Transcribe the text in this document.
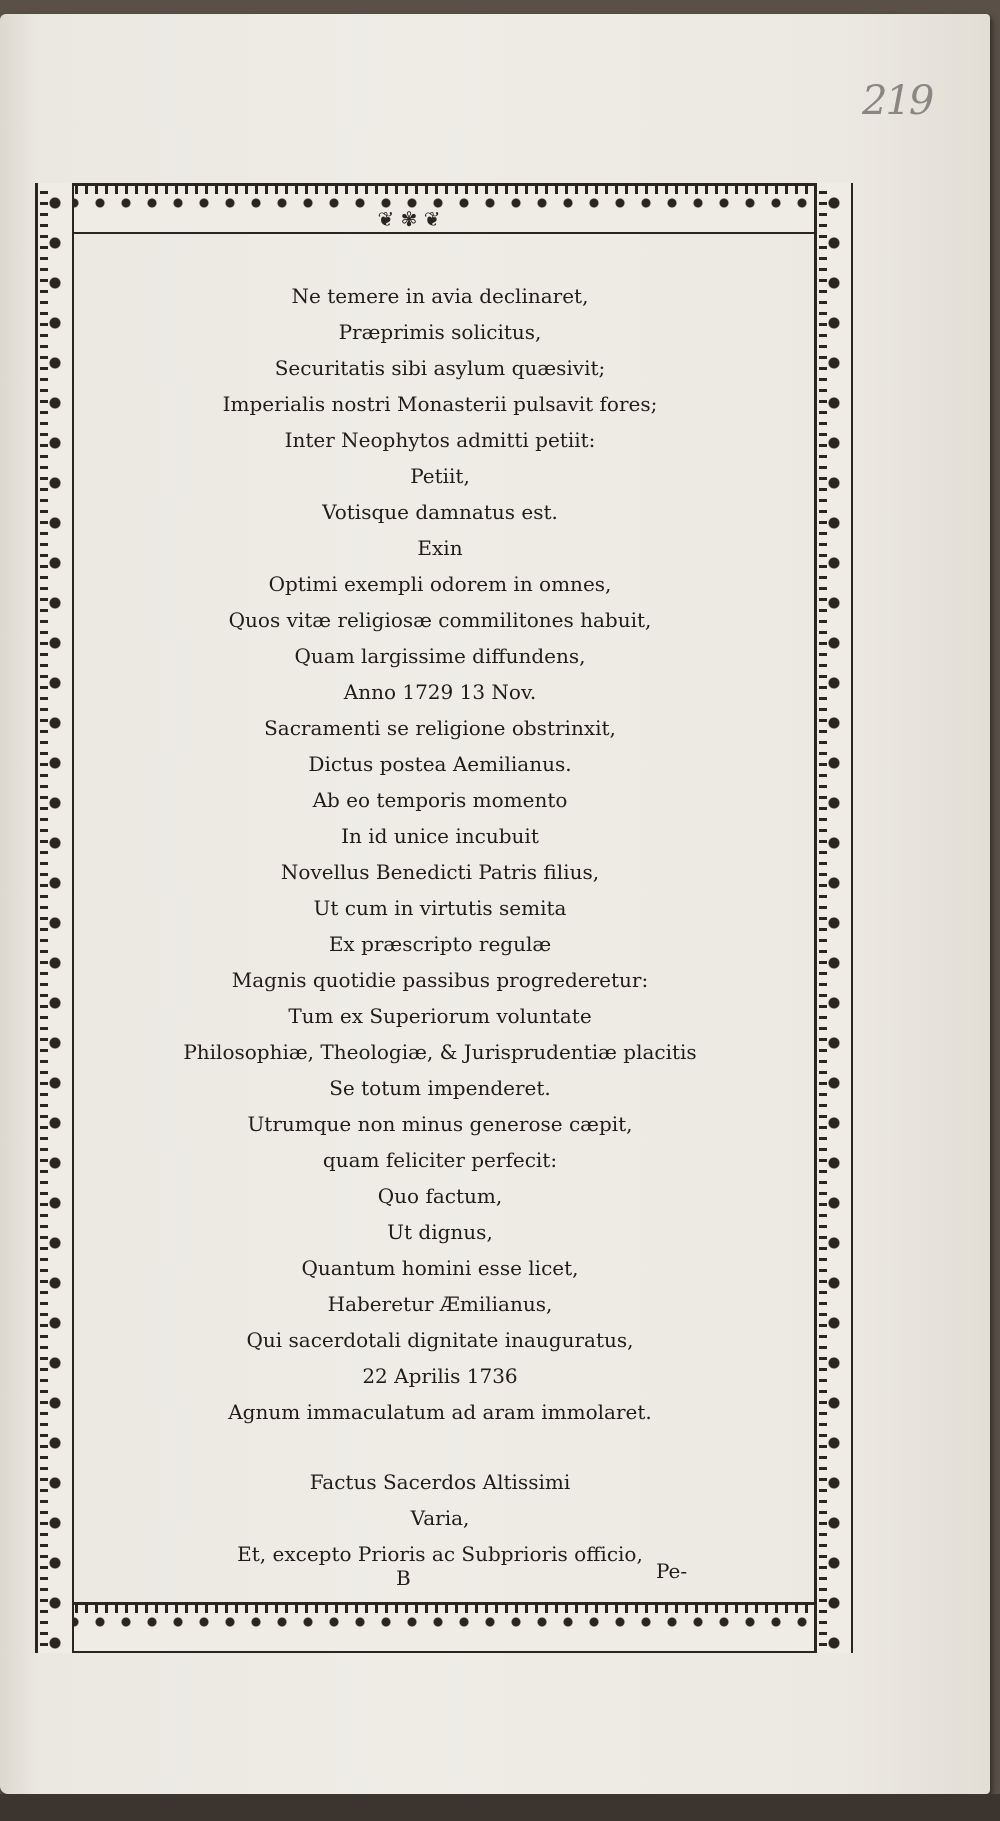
219
❦ ✾ ❦
Ne temere in avia declinaret,
Præprimis solicitus,
Securitatis sibi asylum quæsivit;
Imperialis nostri Monasterii pulsavit fores;
Inter Neophytos admitti petiit:
Petiit,
Votisque damnatus est.
Exin
Optimi exempli odorem in omnes,
Quos vitæ religiosæ commilitones habuit,
Quam largissime diffundens,
Anno 1729 13 Nov.
Sacramenti se religione obstrinxit,
Dictus postea Aemilianus.
Ab eo temporis momento
In id unice incubuit
Novellus Benedicti Patris filius,
Ut cum in virtutis semita
Ex præscripto regulæ
Magnis quotidie passibus progrederetur:
Tum ex Superiorum voluntate
Philosophiæ, Theologiæ, & Jurisprudentiæ placitis
Se totum impenderet.
Utrumque non minus generose cæpit,
quam feliciter perfecit:
Quo factum,
Ut dignus,
Quantum homini esse licet,
Haberetur Æmilianus,
Qui sacerdotali dignitate inauguratus,
22 Aprilis 1736
Agnum immaculatum ad aram immolaret.
Factus Sacerdos Altissimi
Varia,
Et, excepto Prioris ac Subprioris officio,
B	Pe-
